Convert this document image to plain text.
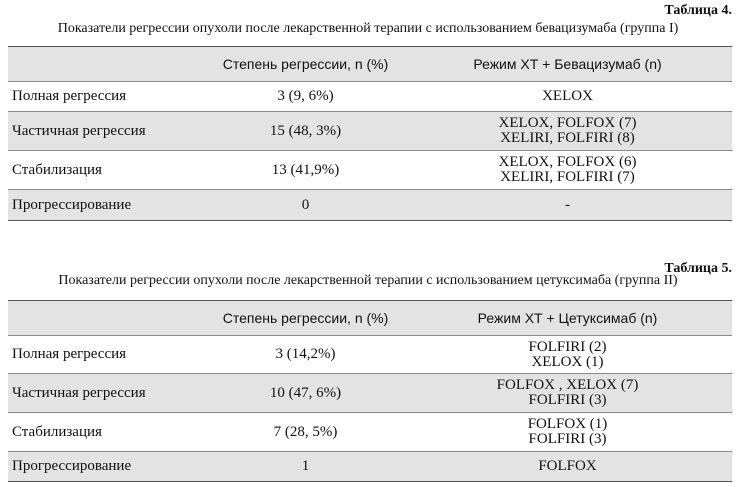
Таблица 4.
Показатели регрессии опухоли после лекарственной терапии с использованием бевацизумаба (группа I)
	Степень регрессии, n (%)	Режим ХТ + Бевацизумаб (n)
Полная регрессия	3 (9, 6%)	XELOX

Частичная регрессия	15 (48, 3%)	XELOX, FOLFOX (7)
XELIRI, FOLFIRI (8)

Стабилизация	13 (41,9%)	XELOX, FOLFOX (6)
XELIRI, FOLFIRI (7)

Прогрессирование	0	-
Таблица 5.
Показатели регрессии опухоли после лекарственной терапии с использованием цетуксимаба (группа II)
	Степень регрессии, n (%)	Режим ХТ + Цетуксимаб (n)
Полная регрессия	3 (14,2%)	FOLFIRI (2)
XELOX (1)

Частичная регрессия	10 (47, 6%)	FOLFOX , XELOX (7)
FOLFIRI (3)

Стабилизация	7 (28, 5%)	FOLFOX (1)
FOLFIRI (3)

Прогрессирование	1	FOLFOX
